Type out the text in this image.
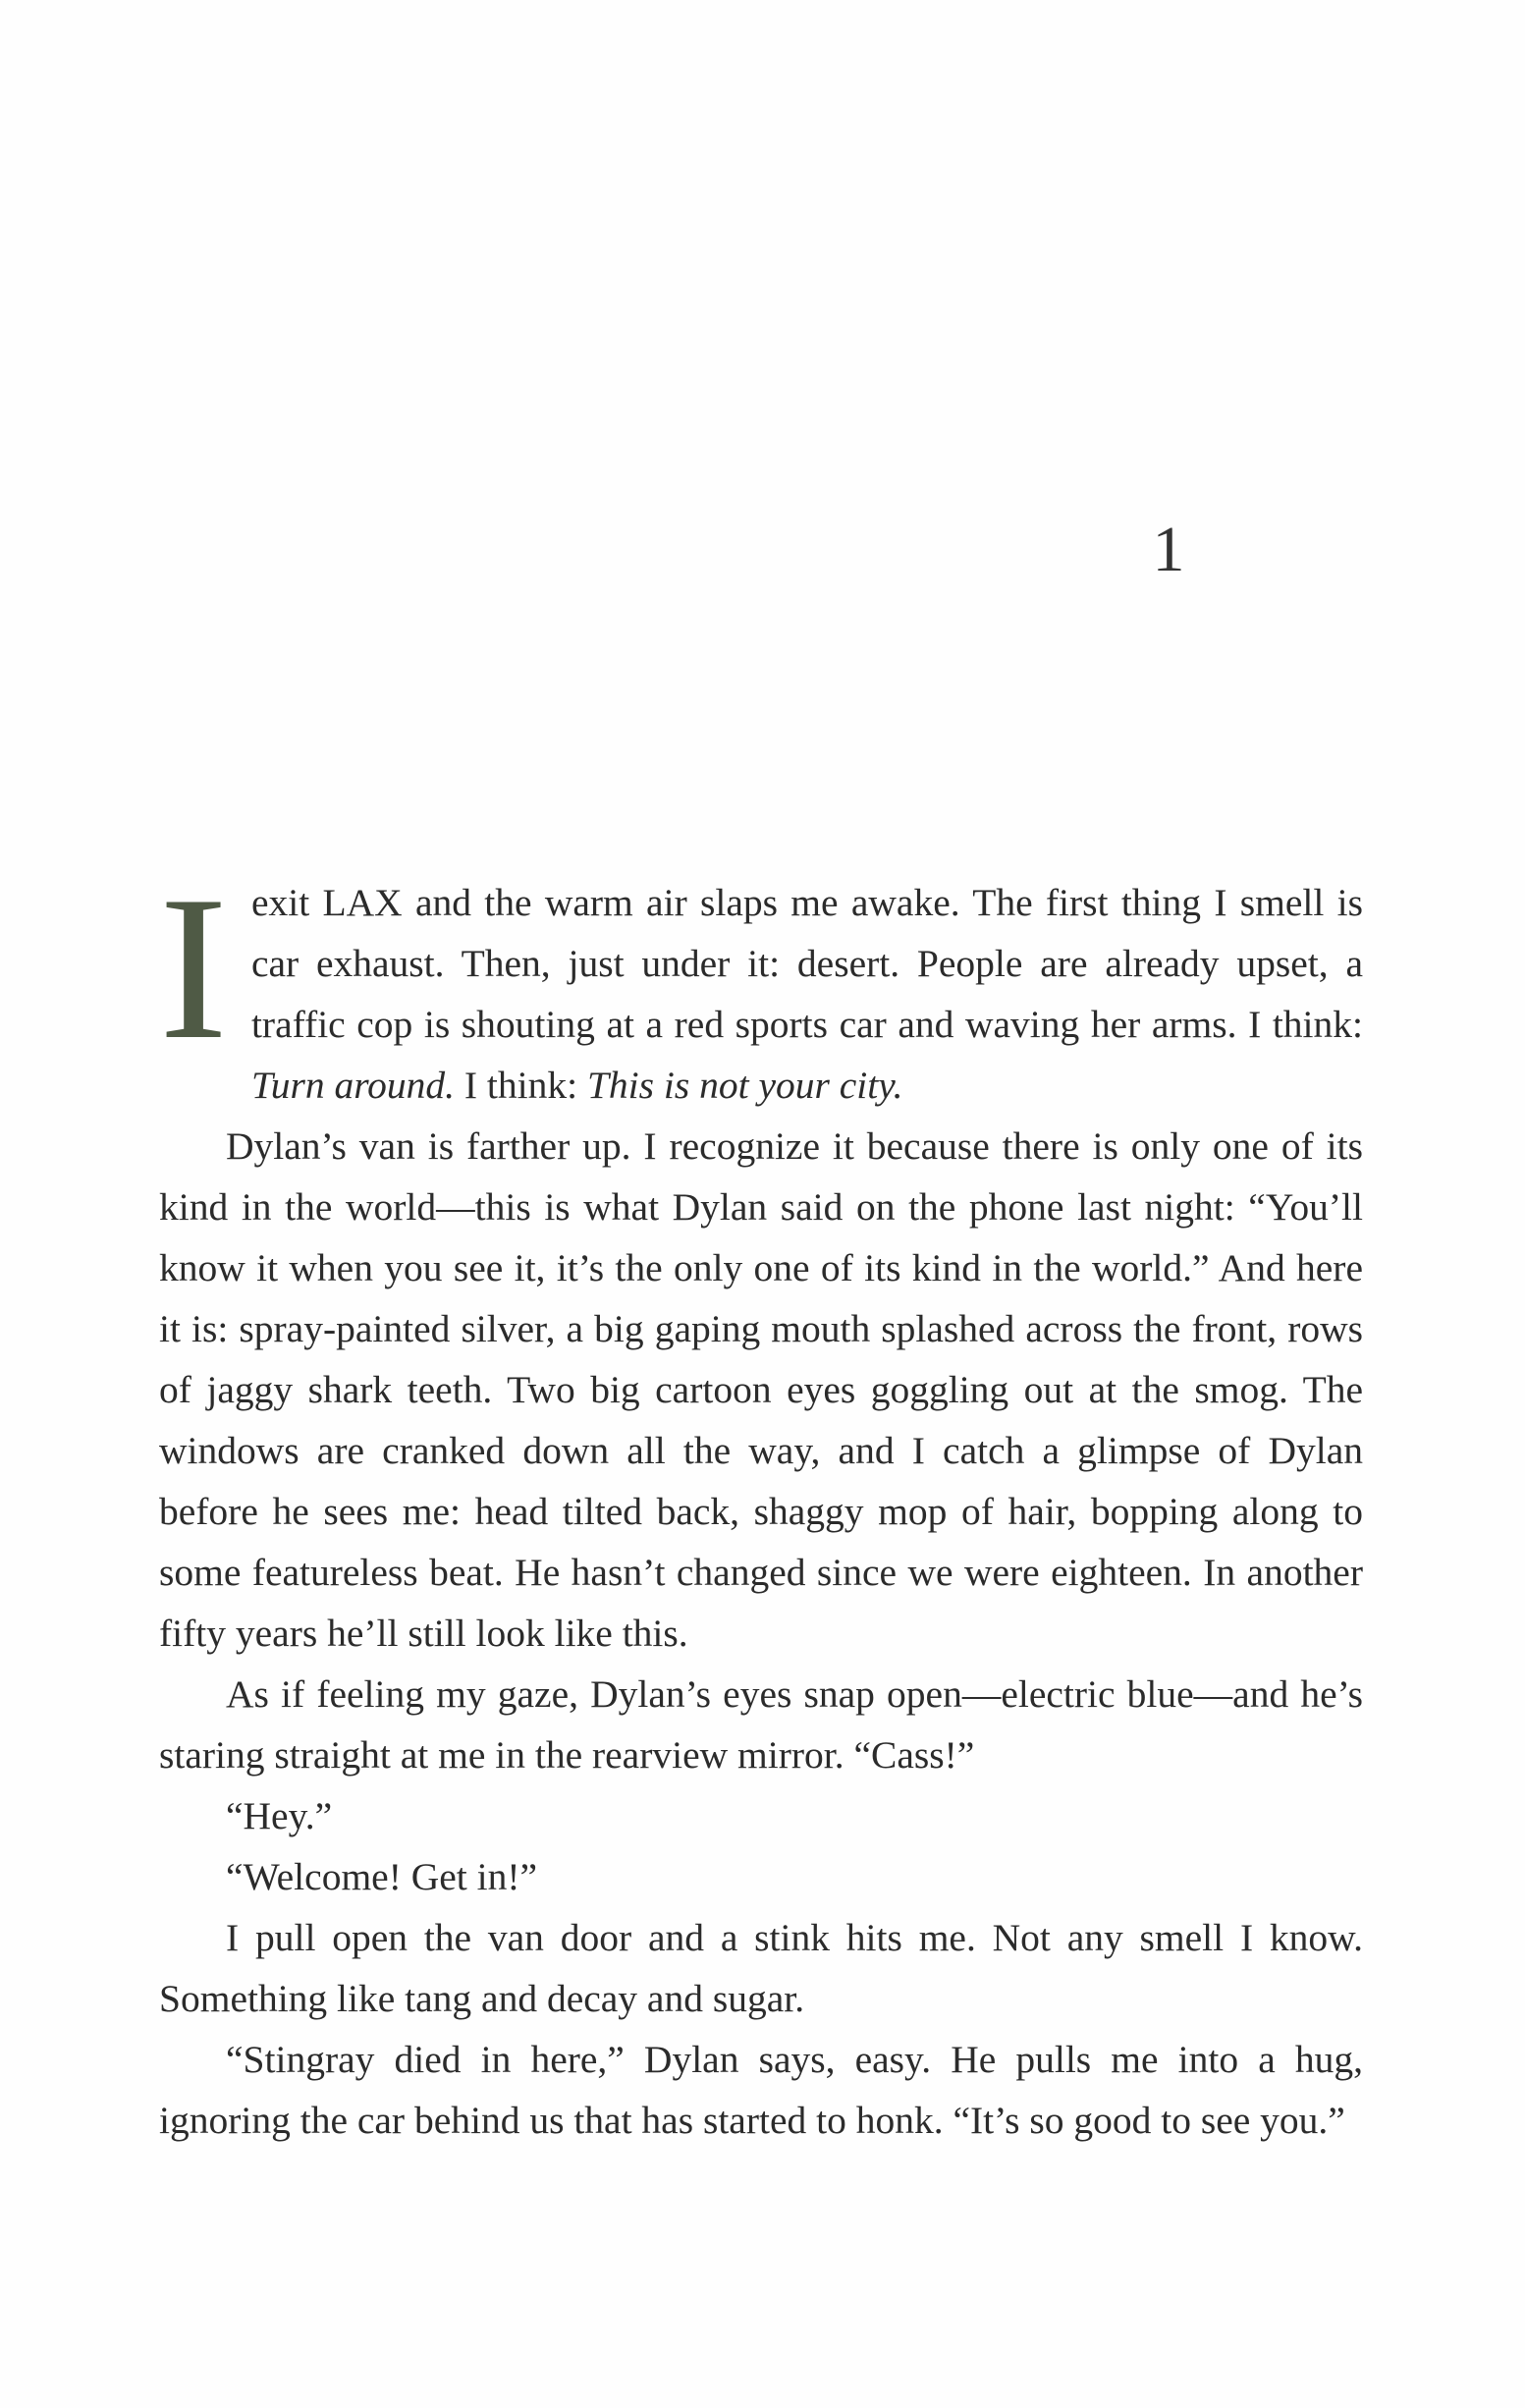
1

Iexit LAX and the warm air slaps me awake. The first thing I smell is car exhaust. Then, just under it: desert. People are already upset, a traffic cop is shouting at a red sports car and waving her arms. I think: Turn around. I think: This is not your city.

Dylan’s van is farther up. I recognize it because there is only one of its kind in the world—this is what Dylan said on the phone last night: “You’ll know it when you see it, it’s the only one of its kind in the world.” And here it is: spray-painted silver, a big gaping mouth splashed across the front, rows of jaggy shark teeth. Two big cartoon eyes goggling out at the smog. The windows are cranked down all the way, and I catch a glimpse of Dylan before he sees me: head tilted back, shaggy mop of hair, bopping along to some featureless beat. He hasn’t changed since we were eighteen. In another fifty years he’ll still look like this.

As if feeling my gaze, Dylan’s eyes snap open—electric blue—and he’s staring straight at me in the rearview mirror. “Cass!”

“Hey.”

“Welcome! Get in!”

I pull open the van door and a stink hits me. Not any smell I know. Something like tang and decay and sugar.

“Stingray died in here,” Dylan says, easy. He pulls me into a hug, ignoring the car behind us that has started to honk. “It’s so good to see you.”
